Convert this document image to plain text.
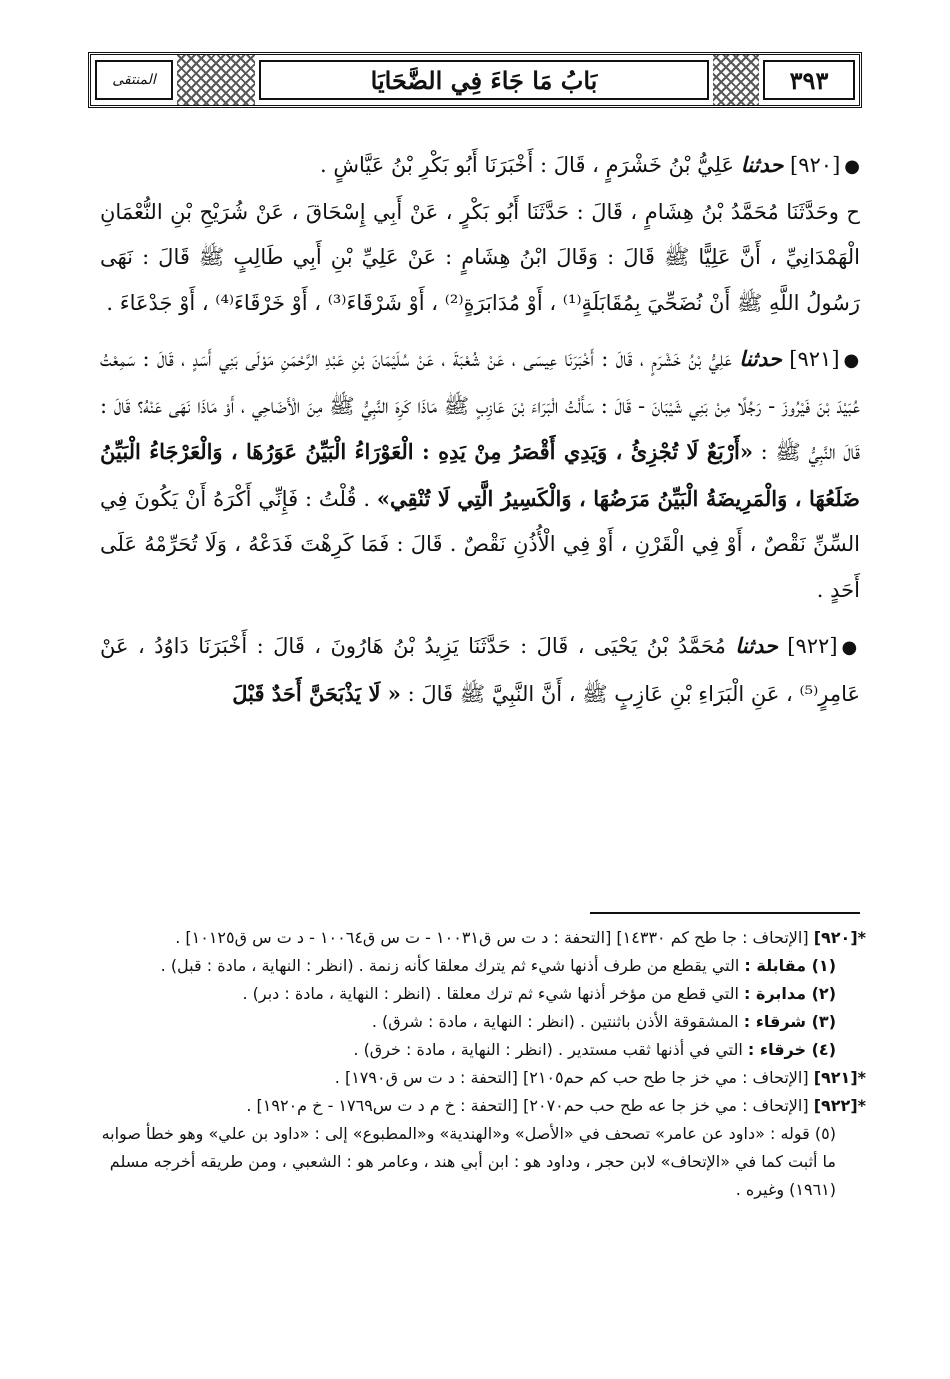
المنتقى	بَابُ مَا جَاءَ فِي الضَّحَايَا	٣٩٣

●[٩٢٠] حدثنا عَلِيُّ بْنُ خَشْرَمٍ ، قَالَ : أَخْبَرَنَا أَبُو بَكْرِ بْنُ عَيَّاشٍ .
ح وحَدَّثَنَا مُحَمَّدُ بْنُ هِشَامٍ ، قَالَ : حَدَّثَنَا أَبُو بَكْرٍ ، عَنْ أَبِي إِسْحَاقَ ، عَنْ شُرَيْحِ بْنِ النُّعْمَانِ الْهَمْدَانِيِّ ، أَنَّ عَلِيًّا ﷺ قَالَ : وَقَالَ ابْنُ هِشَامٍ : عَنْ عَلِيِّ بْنِ أَبِي طَالِبٍ ﷺ قَالَ : نَهَى رَسُولُ اللَّهِ ﷺ أَنْ نُضَحِّيَ بِمُقَابَلَةٍ⁽¹⁾ ، أَوْ مُدَابَرَةٍ⁽²⁾ ، أَوْ شَرْقَاءَ⁽³⁾ ، أَوْ خَرْقَاءَ⁽⁴⁾ ، أَوْ جَدْعَاءَ .

●[٩٢١] حدثنا عَلِيُّ بْنُ خَشْرَمٍ ، قَالَ : أَخْبَرَنَا عِيسَى ، عَنْ شُعْبَةَ ، عَنْ سُلَيْمَانَ بْنِ عَبْدِ الرَّحْمَنِ مَوْلَى بَنِي أَسَدٍ ، قَالَ : سَمِعْتُ عُبَيْدَ بْنَ فَيْرُوزَ - رَجُلًا مِنْ بَنِي شَيْبَانَ - قَالَ : سَأَلْتُ الْبَرَاءَ بْنَ عَازِبٍ ﷺ مَاذَا كَرِهَ النَّبِيُّ ﷺ مِنَ الْأَضَاحِي ، أَوْ مَاذَا نَهَى عَنْهُ؟ قَالَ : قَالَ النَّبِيُّ ﷺ : «أَرْبَعٌ لَا تُجْزِئُ ، وَيَدِي أَقْصَرُ مِنْ يَدِهِ : الْعَوْرَاءُ الْبَيِّنُ عَوَرُهَا ، وَالْعَرْجَاءُ الْبَيِّنُ ضَلَعُهَا ، وَالْمَرِيضَةُ الْبَيِّنُ مَرَضُهَا ، وَالْكَسِيرُ الَّتِي لَا تُنْقِي» . قُلْتُ : فَإِنِّي أَكْرَهُ أَنْ يَكُونَ فِي السِّنِّ نَقْصٌ ، أَوْ فِي الْقَرْنِ ، أَوْ فِي الْأُذُنِ نَقْصٌ . قَالَ : فَمَا كَرِهْتَ فَدَعْهُ ، وَلَا تُحَرِّمْهُ عَلَى أَحَدٍ .

●[٩٢٢] حدثنا مُحَمَّدُ بْنُ يَحْيَى ، قَالَ : حَدَّثَنَا يَزِيدُ بْنُ هَارُونَ ، قَالَ : أَخْبَرَنَا دَاوُدُ ، عَنْ عَامِرٍ⁽⁵⁾ ، عَنِ الْبَرَاءِ بْنِ عَازِبٍ ﷺ ، أَنَّ النَّبِيَّ ﷺ قَالَ : « لَا يَذْبَحَنَّ أَحَدٌ قَبْلَ

*[٩٢٠] [الإتحاف : جا طح كم ١٤٣٣٠] [التحفة : د ت س ق١٠٠٣١ - ت س ق١٠٠٦٤ - د ت س ق١٠١٢٥] .

(١) مقابلة : التي يقطع من طرف أذنها شيء ثم يترك معلقا كأنه زنمة . (انظر : النهاية ، مادة : قبل) .

(٢) مدابرة : التي قطع من مؤخر أذنها شيء ثم ترك معلقا . (انظر : النهاية ، مادة : دبر) .

(٣) شرقاء : المشقوقة الأذن باثنتين . (انظر : النهاية ، مادة : شرق) .

(٤) خرقاء : التي في أذنها ثقب مستدير . (انظر : النهاية ، مادة : خرق) .

*[٩٢١] [الإتحاف : مي خز جا طح حب كم حم٢١٠٥] [التحفة : د ت س ق١٧٩٠] .

*[٩٢٢] [الإتحاف : مي خز جا عه طح حب حم٢٠٧٠] [التحفة : خ م د ت س١٧٦٩ - خ م١٩٢٠] .

(٥) قوله : «داود عن عامر» تصحف في «الأصل» و«الهندية» و«المطبوع» إلى : «داود بن علي» وهو خطأ صوابه ما أثبت كما في «الإتحاف» لابن حجر ، وداود هو : ابن أبي هند ، وعامر هو : الشعبي ، ومن طريقه أخرجه مسلم (١٩٦١) وغيره .
